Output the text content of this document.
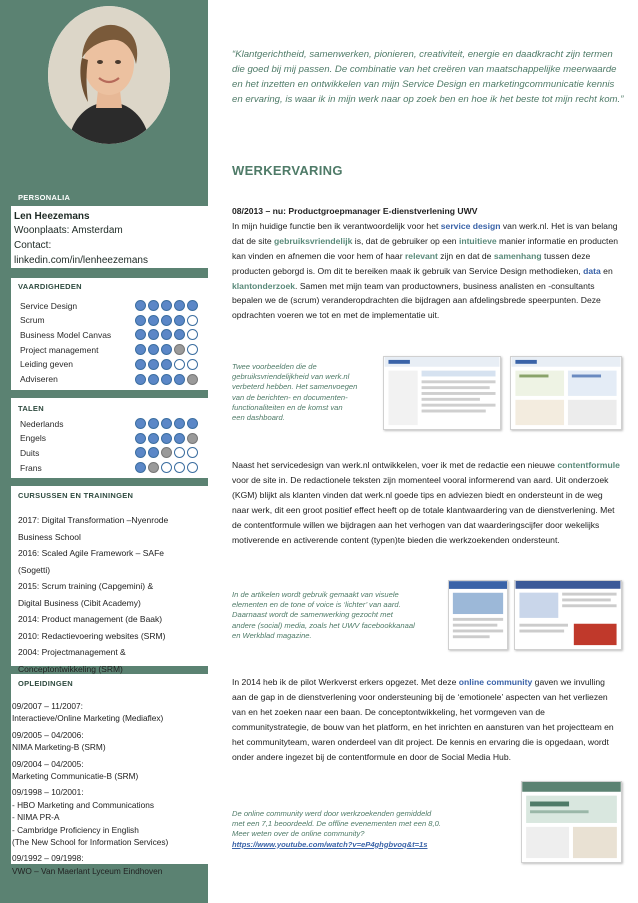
PERSONALIA
Len Heezemans
Woonplaats: Amsterdam
Contact:
linkedin.com/in/lenheezemans
VAARDIGHEDEN
Service Design
Scrum
Business Model Canvas
Project management
Leiding geven
Adviseren
TALEN
Nederlands
Engels
Duits
Frans
CURSUSSEN EN TRAININGEN
2017: Digital Transformation –Nyenrode
Business School
2016: Scaled Agile Framework – SAFe
(Sogetti)
2015: Scrum training (Capgemini) &
Digital Business (Cibit Academy)
2014: Product management (de Baak)
2010: Redactievoering websites (SRM)
2004: Projectmanagement &
Conceptontwikkeling (SRM)
OPLEIDINGEN
09/2007 – 11/2007:
Interactieve/Online Marketing (Mediaflex)
09/2005 – 04/2006:
NIMA Marketing-B (SRM)
09/2004 – 04/2005:
Marketing Communicatie-B (SRM)
09/1998 – 10/2001:
- HBO Marketing and Communications
- NIMA PR-A
- Cambridge Proficiency in English
(The New School for Information Services)
09/1992 – 09/1998:
VWO – Van Maerlant Lyceum Eindhoven
“Klantgerichtheid, samenwerken, pionieren, creativiteit, energie en daadkracht zijn termen die goed bij mij passen. De combinatie van het creëren van maatschappelijke meerwaarde en het inzetten en ontwikkelen van mijn Service Design en marketingcommunicatie kennis en ervaring, is waar ik in mijn werk naar op zoek ben en hoe ik het beste tot mijn recht kom.”
WERKERVARING
08/2013 – nu: Productgroepmanager E-dienstverlening UWV
In mijn huidige functie ben ik verantwoordelijk voor het service design van werk.nl. Het is van belang dat de site gebruiksvriendelijk is, dat de gebruiker op een intuitieve manier informatie en producten kan vinden en afnemen die voor hem of haar relevant zijn en dat de samenhang tussen deze producten geborgd is. Om dit te bereiken maak ik gebruik van Service Design methodieken, data en klantonderzoek. Samen met mijn team van productowners, business analisten en -consultants bepalen we de (scrum) veranderopdrachten die bijdragen aan afdelingsbrede speerpunten. Deze opdrachten voeren we tot en met de implementatie uit.
Twee voorbeelden die de
gebruiksvriendelijkheid van werk.nl
verbeterd hebben. Het samenvoegen
van de berichten- en documenten-
functionaliteiten en de komst van
een dashboard.
Naast het servicedesign van werk.nl ontwikkelen, voer ik met de redactie een nieuwe contentformule voor de site in. De redactionele teksten zijn momenteel vooral informerend van aard. Uit onderzoek (KGM) blijkt als klanten vinden dat werk.nl goede tips en adviezen biedt en ondersteunt in de weg naar werk, dit een groot positief effect heeft op de totale klantwaardering van de dienstverlening. Met de contentformule willen we bijdragen aan het verhogen van dat waarderingscijfer door wekelijks motiverende en activerende content (typen)te bieden die werkzoekenden ondersteunt.
In de artikelen wordt gebruik gemaakt van visuele
elementen en de tone of voice is ‘lichter’ van aard.
Daarnaast wordt de samenwerking gezocht met
andere (social) media, zoals het UWV facebookkanaal
en Werkblad magazine.
In 2014 heb ik de pilot Werkverst erkers opgezet. Met deze online community gaven we invulling aan de gap in de dienstverlening voor ondersteuning bij de ‘emotionele’ aspecten van het verliezen van en het zoeken naar een baan. De conceptontwikkeling, het vormgeven van de communitystrategie, de bouw van het platform, en het inrichten en aansturen van het projectteam en het communityteam, waren onderdeel van dit project. De kennis en ervaring die is opgedaan, wordt onder andere ingezet bij de contentformule en door de Social Media Hub.
De online community werd door werkzoekenden gemiddeld
met een 7,1 beoordeeld. De offline evenementen met een 8,0.
Meer weten over de online community?
https://www.youtube.com/watch?v=eP4ghgbvoq&t=1s
